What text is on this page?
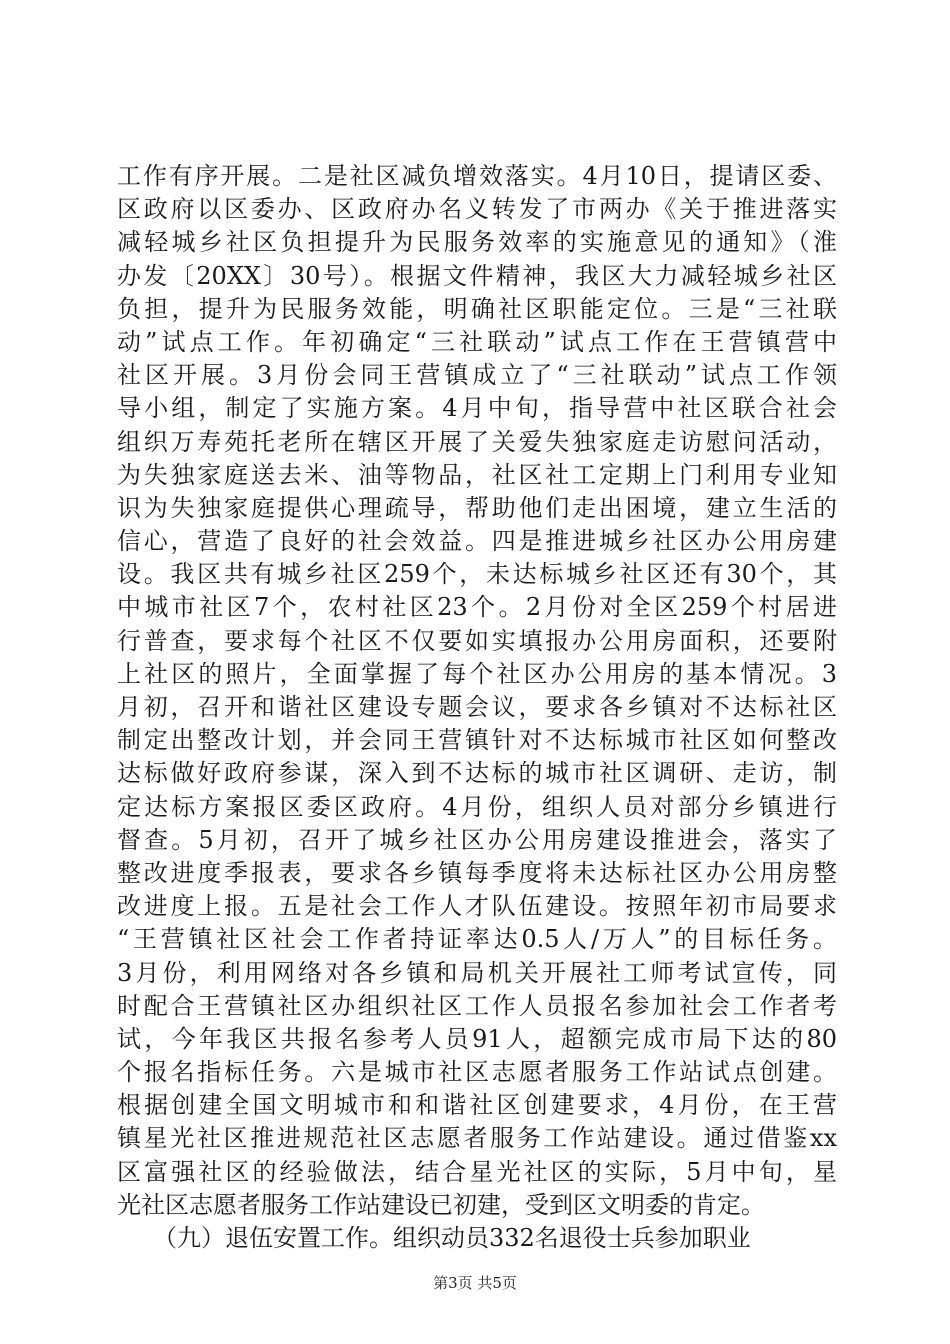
工作有序开展。二是社区减负增效落实。4月10日，提请区委、
区政府以区委办、区政府办名义转发了市两办《关于推进落实
减轻城乡社区负担提升为民服务效率的实施意见的通知》（淮
办发〔20XX〕30号）。根据文件精神，我区大力减轻城乡社区
负担，提升为民服务效能，明确社区职能定位。三是“三社联
动”试点工作。年初确定“三社联动”试点工作在王营镇营中
社区开展。3月份会同王营镇成立了“三社联动”试点工作领
导小组，制定了实施方案。4月中旬，指导营中社区联合社会
组织万寿苑托老所在辖区开展了关爱失独家庭走访慰问活动，
为失独家庭送去米、油等物品，社区社工定期上门利用专业知
识为失独家庭提供心理疏导，帮助他们走出困境，建立生活的
信心，营造了良好的社会效益。四是推进城乡社区办公用房建
设。我区共有城乡社区259个，未达标城乡社区还有30个，其
中城市社区7个，农村社区23个。2月份对全区259个村居进
行普查，要求每个社区不仅要如实填报办公用房面积，还要附
上社区的照片，全面掌握了每个社区办公用房的基本情况。3
月初，召开和谐社区建设专题会议，要求各乡镇对不达标社区
制定出整改计划，并会同王营镇针对不达标城市社区如何整改
达标做好政府参谋，深入到不达标的城市社区调研、走访，制
定达标方案报区委区政府。4月份，组织人员对部分乡镇进行
督查。5月初，召开了城乡社区办公用房建设推进会，落实了
整改进度季报表，要求各乡镇每季度将未达标社区办公用房整
改进度上报。五是社会工作人才队伍建设。按照年初市局要求
“王营镇社区社会工作者持证率达0.5人/万人”的目标任务。
3月份，利用网络对各乡镇和局机关开展社工师考试宣传，同
时配合王营镇社区办组织社区工作人员报名参加社会工作者考
试，今年我区共报名参考人员91人，超额完成市局下达的80
个报名指标任务。六是城市社区志愿者服务工作站试点创建。
根据创建全国文明城市和和谐社区创建要求，4月份，在王营
镇星光社区推进规范社区志愿者服务工作站建设。通过借鉴xx
区富强社区的经验做法，结合星光社区的实际，5月中旬，星
光社区志愿者服务工作站建设已初建，受到区文明委的肯定。
　　（九）退伍安置工作。组织动员332名退役士兵参加职业
第3页 共5页
